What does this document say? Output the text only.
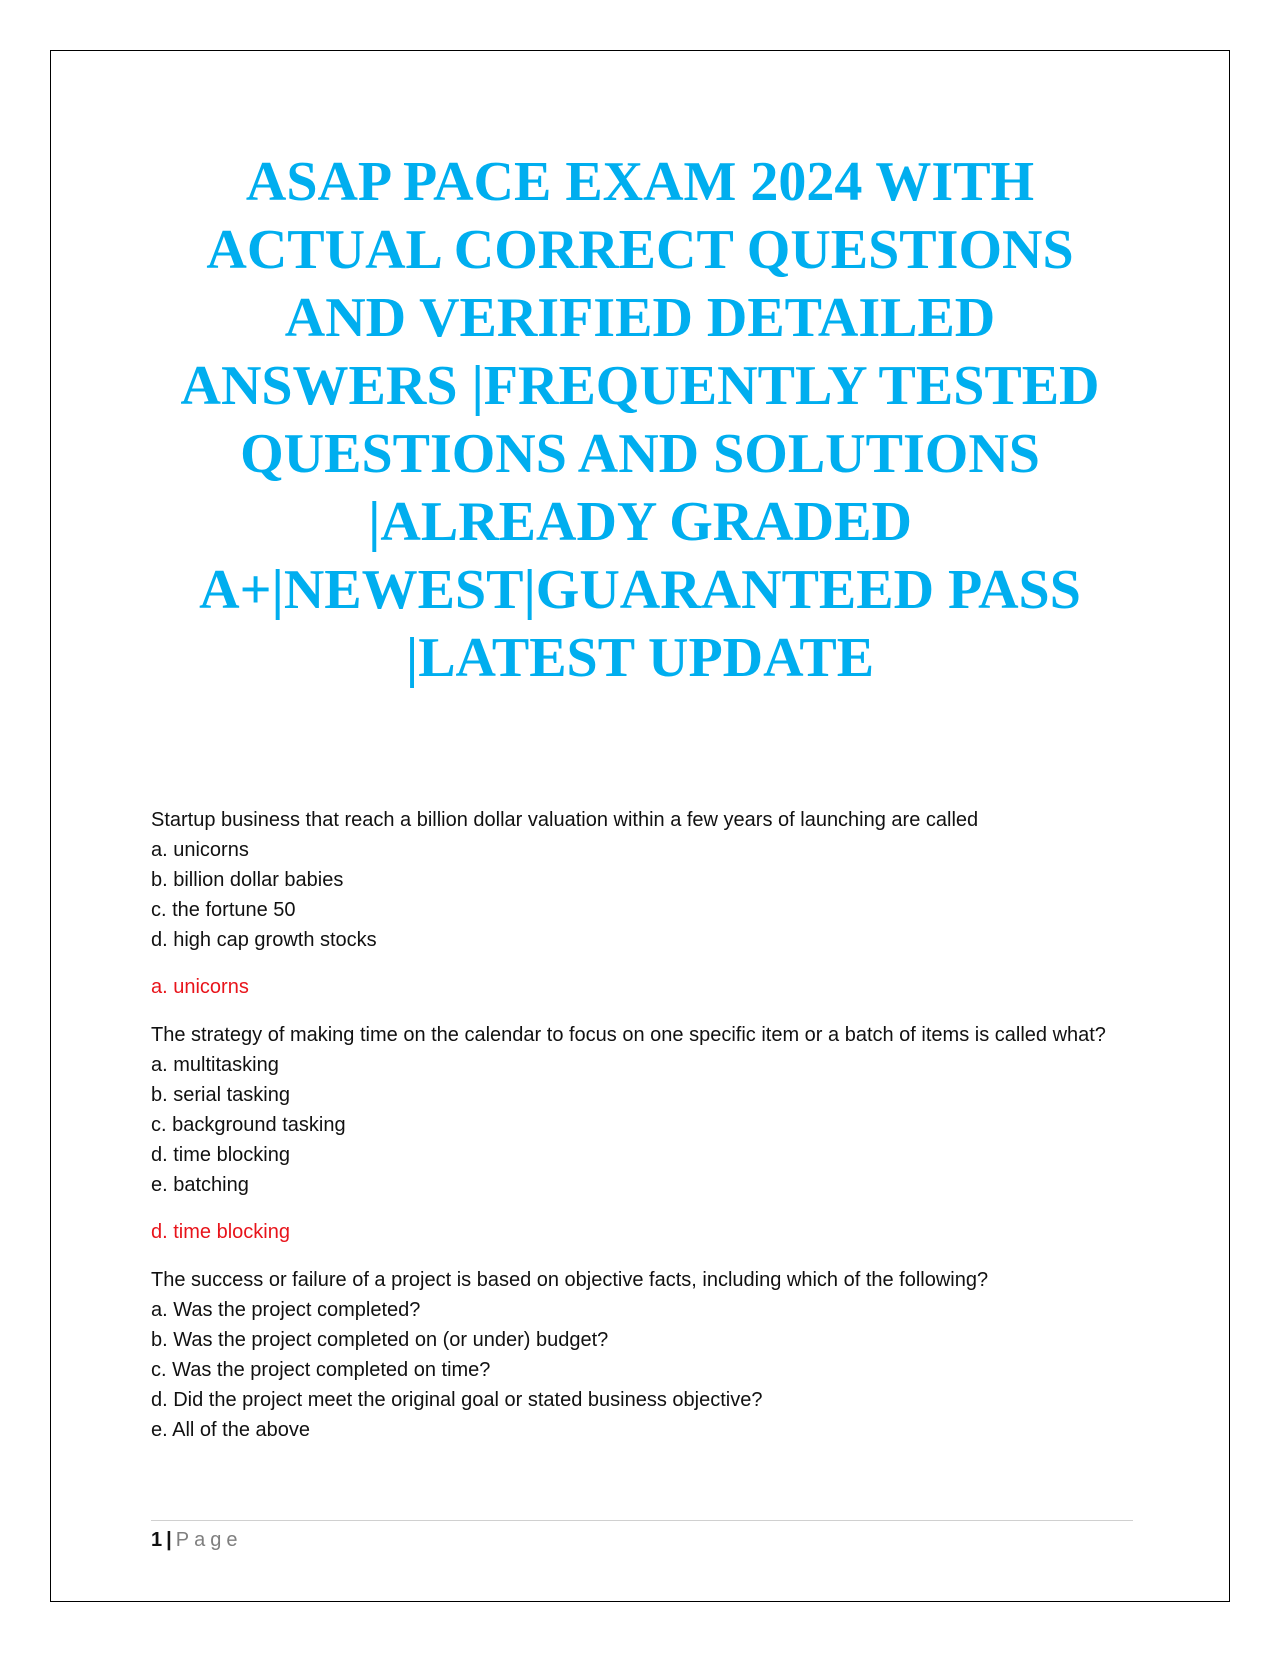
ASAP PACE EXAM 2024 WITH
ACTUAL CORRECT QUESTIONS
AND VERIFIED DETAILED
ANSWERS |FREQUENTLY TESTED
QUESTIONS AND SOLUTIONS
|ALREADY GRADED
A+|NEWEST|GUARANTEED PASS
|LATEST UPDATE

Startup business that reach a billion dollar valuation within a few years of launching are called

a. unicorns
b. billion dollar babies
c. the fortune 50
d. high cap growth stocks

a. unicorns

The strategy of making time on the calendar to focus on one specific item or a batch of items is called what?

a. multitasking
b. serial tasking
c. background tasking
d. time blocking
e. batching

d. time blocking

The success or failure of a project is based on objective facts, including which of the following?

a. Was the project completed?
b. Was the project completed on (or under) budget?
c. Was the project completed on time?
d. Did the project meet the original goal or stated business objective?
e. All of the above
1 | Page
